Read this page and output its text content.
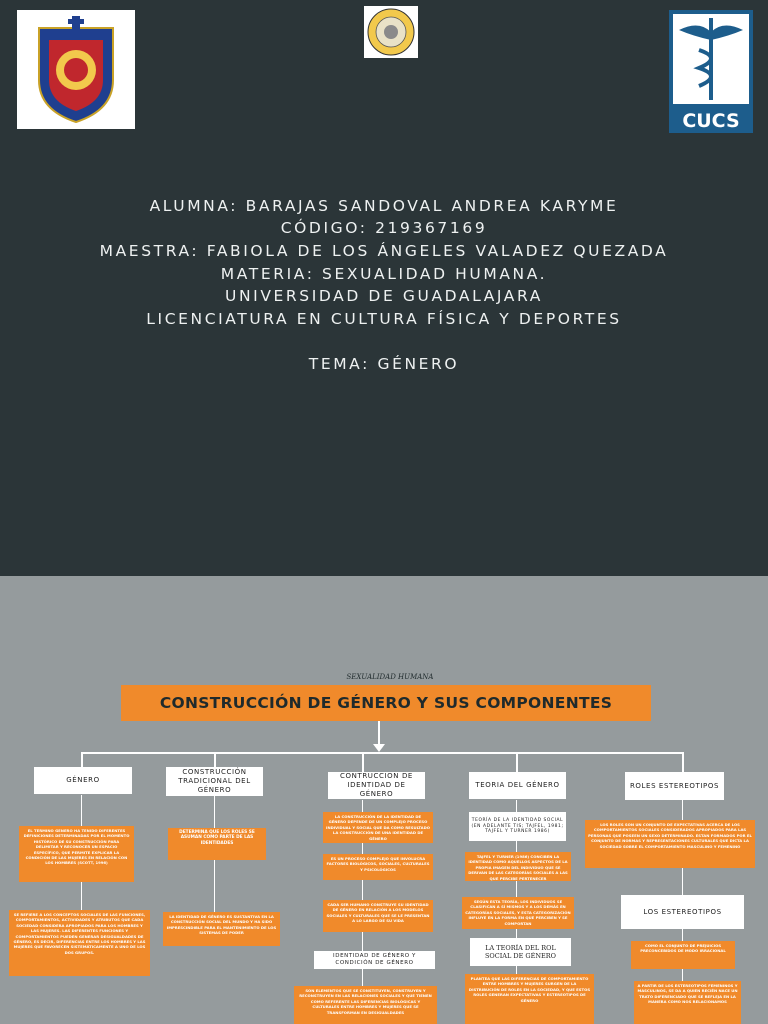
CUCS
ALUMNA: BARAJAS SANDOVAL ANDREA KARYME
CÓDIGO: 219367169
MAESTRA: FABIOLA DE LOS ÁNGELES VALADEZ QUEZADA
MATERIA: SEXUALIDAD HUMANA.
UNIVERSIDAD DE GUADALAJARA
LICENCIATURA EN CULTURA FÍSICA Y DEPORTES
TEMA: GÉNERO
SEXUALIDAD HUMANA
CONSTRUCCIÓN DE GÉNERO Y SUS COMPONENTES
GÉNERO
EL TERMINO GENERO HA TENIDO DIFERENTES DEFINICIONES DETERMINADAS POR EL MOMENTO HISTÓRICO DE SU CONSTRUCCIÓN PARA DELIMITAR Y RECONOCER UN ESPACIO ESPECÍFICO, QUE PERMITE EXPLICAR LA CONDICIÓN DE LAS MUJERES EN RELACIÓN CON LOS HOMBRES (SCOTT, 1996)
SE REFIERE A LOS CONCEPTOS SOCIALES DE LAS FUNCIONES, COMPORTAMIENTOS, ACTIVIDADES Y ATRIBUTOS QUE CADA SOCIEDAD CONSIDERA APROPIADOS PARA LOS HOMBRES Y LAS MUJERES. LAS DIFERENTES FUNCIONES Y COMPORTAMIENTOS PUEDEN GENERAR DESIGUALDADES DE GÉNERO, ES DECIR, DIFERENCIAS ENTRE LOS HOMBRES Y LAS MUJERES QUE FAVORECEN SISTEMÁTICAMENTE A UNO DE LOS DOS GRUPOS.
CONSTRUCCIÓN TRADICIONAL DEL GÉNERO
DETERMINA QUE LOS ROLES SE ASUMAN COMO PARTE DE LAS IDENTIDADES
LA IDENTIDAD DE GÉNERO ES SUSTANTIVA EN LA CONSTRUCCIÓN SOCIAL DEL MUNDO Y HA SIDO IMPRESCINDIBLE PARA EL MANTENIMIENTO DE LOS SISTEMAS DE PODER
CONTRUCCION DE IDENTIDAD DE GÉNERO
LA CONSTRUCCIÓN DE LA IDENTIDAD DE GÉNERO DEPENDE DE UN COMPLEJO PROCESO INDIVIDUAL Y SOCIAL QUE DA COMO RESULTADO LA CONSTRUCCIÓN DE UNA IDENTIDAD DE GÉNERO
ES UN PROCESO COMPLEJO QUE INVOLUCRA FACTORES BIOLÓGICOS, SOCIALES, CULTURALES Y PSICOLÓGICOS
CADA SER HUMANO CONSTRUYE SU IDENTIDAD DE GÉNERO EN RELACIÓN A LOS MODELOS SOCIALES Y CULTURALES QUE SE LE PRESENTAN A LO LARGO DE SU VIDA
IDENTIDAD DE GÉNERO Y CONDICIÓN DE GÉNERO
SON ELEMENTOS QUE SE CONSTITUYEN, CONSTRUYEN Y RECONSTRUYEN EN LAS RELACIONES SOCIALES Y QUE TIENEN COMO REFERENTE LAS DIFERENCIAS BIOLÓGICAS Y CULTURALES ENTRE HOMBRES Y MUJERES QUE SE TRANSFORMAN EN DESIGUALDADES
TEORIA DEL GÉNERO
TEORÍA DE LA IDENTIDAD SOCIAL (EN ADELANTE TIS; TAJFEL, 1981; TAJFEL Y TURNER 1986)
TAJFEL Y TURNER (1986) CONCIBEN LA IDENTIDAD COMO AQUELLOS ASPECTOS DE LA PROPIA IMAGEN DEL INDIVIDUO QUE SE DERIVAN DE LAS CATEGORÍAS SOCIALES A LAS QUE PERCIBE PERTENECER
SEGÚN ESTA TEORÍA, LOS INDIVIDUOS SE CLASIFICAN A SÍ MISMOS Y A LOS DEMÁS EN CATEGORÍAS SOCIALES, Y ESTA CATEGORIZACIÓN INFLUYE EN LA FORMA EN QUE PERCIBEN Y SE COMPORTAN
LA TEORÍA DEL ROL SOCIAL DE GÉNERO
PLANTEA QUE LAS DIFERENCIAS DE COMPORTAMIENTO ENTRE HOMBRES Y MUJERES SURGEN DE LA DISTRIBUCIÓN DE ROLES EN LA SOCIEDAD, Y QUE ESTOS ROLES GENERAN EXPECTATIVAS Y ESTEREOTIPOS DE GÉNERO
ROLES ESTEREOTIPOS
LOS ROLES SON UN CONJUNTO DE EXPECTATIVAS ACERCA DE LOS COMPORTAMIENTOS SOCIALES CONSIDERADOS APROPIADOS PARA LAS PERSONAS QUE POSEEN UN SEXO DETERMINADO. ESTAN FORMADOS POR EL CONJUNTO DE NORMAS Y REPRESENTACIONES CULTURALES QUE DICTA LA SOCIEDAD SOBRE EL COMPORTAMIENTO MASCULINO Y FEMENINO
LOS ESTEREOTIPOS
COMO EL CONJUNTO DE PREJUICIOS PRECONCEBIDOS DE MODO IRRACIONAL
A PARTIR DE LOS ESTEREOTIPOS FEMENINOS Y MASCULINOS, SE DA A QUIEN RECIÉN NACE UN TRATO DIFERENCIADO QUE SE REFLEJA EN LA MANERA COMO NOS RELACIONAMOS
